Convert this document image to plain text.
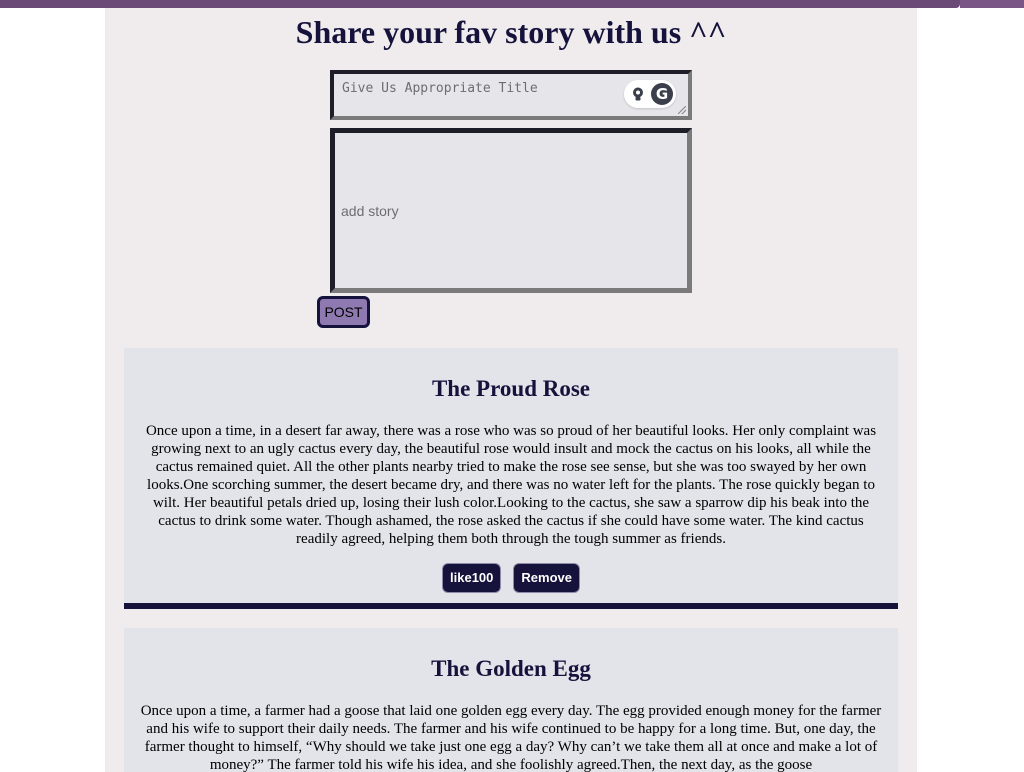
Share your fav story with us ^^
Give Us Appropriate Title
G
add story
POST
The Proud Rose

Once upon a time, in a desert far away, there was a rose who was so proud of her beautiful looks. Her only complaint was growing next to an ugly cactus every day, the beautiful rose would insult and mock the cactus on his looks, all while the cactus remained quiet. All the other plants nearby tried to make the rose see sense, but she was too swayed by her own looks.One scorching summer, the desert became dry, and there was no water left for the plants. The rose quickly began to wilt. Her beautiful petals dried up, losing their lush color.Looking to the cactus, she saw a sparrow dip his beak into the cactus to drink some water. Though ashamed, the rose asked the cactus if she could have some water. The kind cactus readily agreed, helping them both through the tough summer as friends.

like100 Remove
The Golden Egg

Once upon a time, a farmer had a goose that laid one golden egg every day. The egg provided enough money for the farmer and his wife to support their daily needs. The farmer and his wife continued to be happy for a long time. But, one day, the farmer thought to himself, “Why should we take just one egg a day? Why can’t we take them all at once and make a lot of money?” The farmer told his wife his idea, and she foolishly agreed.Then, the next day, as the goose
